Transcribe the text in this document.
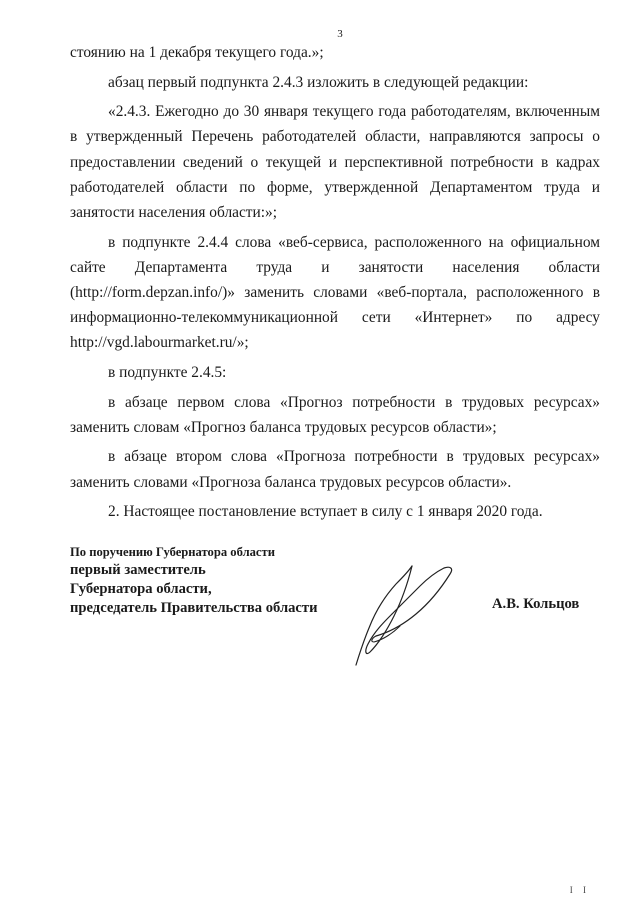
3

стоянию на 1 декабря текущего года.»;

абзац первый подпункта 2.4.3 изложить в следующей редакции:

«2.4.3. Ежегодно до 30 января текущего года работодателям, включенным в утвержденный Перечень работодателей области, направляются запросы о предоставлении сведений о текущей и перспективной потребности в кадрах работодателей области по форме, утвержденной Департаментом труда и занятости населения области:»;

в подпункте 2.4.4 слова «веб-сервиса, расположенного на официальном сайте Департамента труда и занятости населения области (http://form.depzan.info/)» заменить словами «веб-портала, расположенного в информационно-телекоммуникационной сети «Интернет» по адресу http://vgd.labourmarket.ru/»;

в подпункте 2.4.5:

в абзаце первом слова «Прогноз потребности в трудовых ресурсах» заменить словам «Прогноз баланса трудовых ресурсов области»;

в абзаце втором слова «Прогноза потребности в трудовых ресурсах» заменить словами «Прогноза баланса трудовых ресурсов области».

2. Настоящее постановление вступает в силу с 1 января 2020 года.

По поручению Губернатора области
первый заместитель
Губернатора области,
председатель Правительства области	А.В. Кольцов
I I
